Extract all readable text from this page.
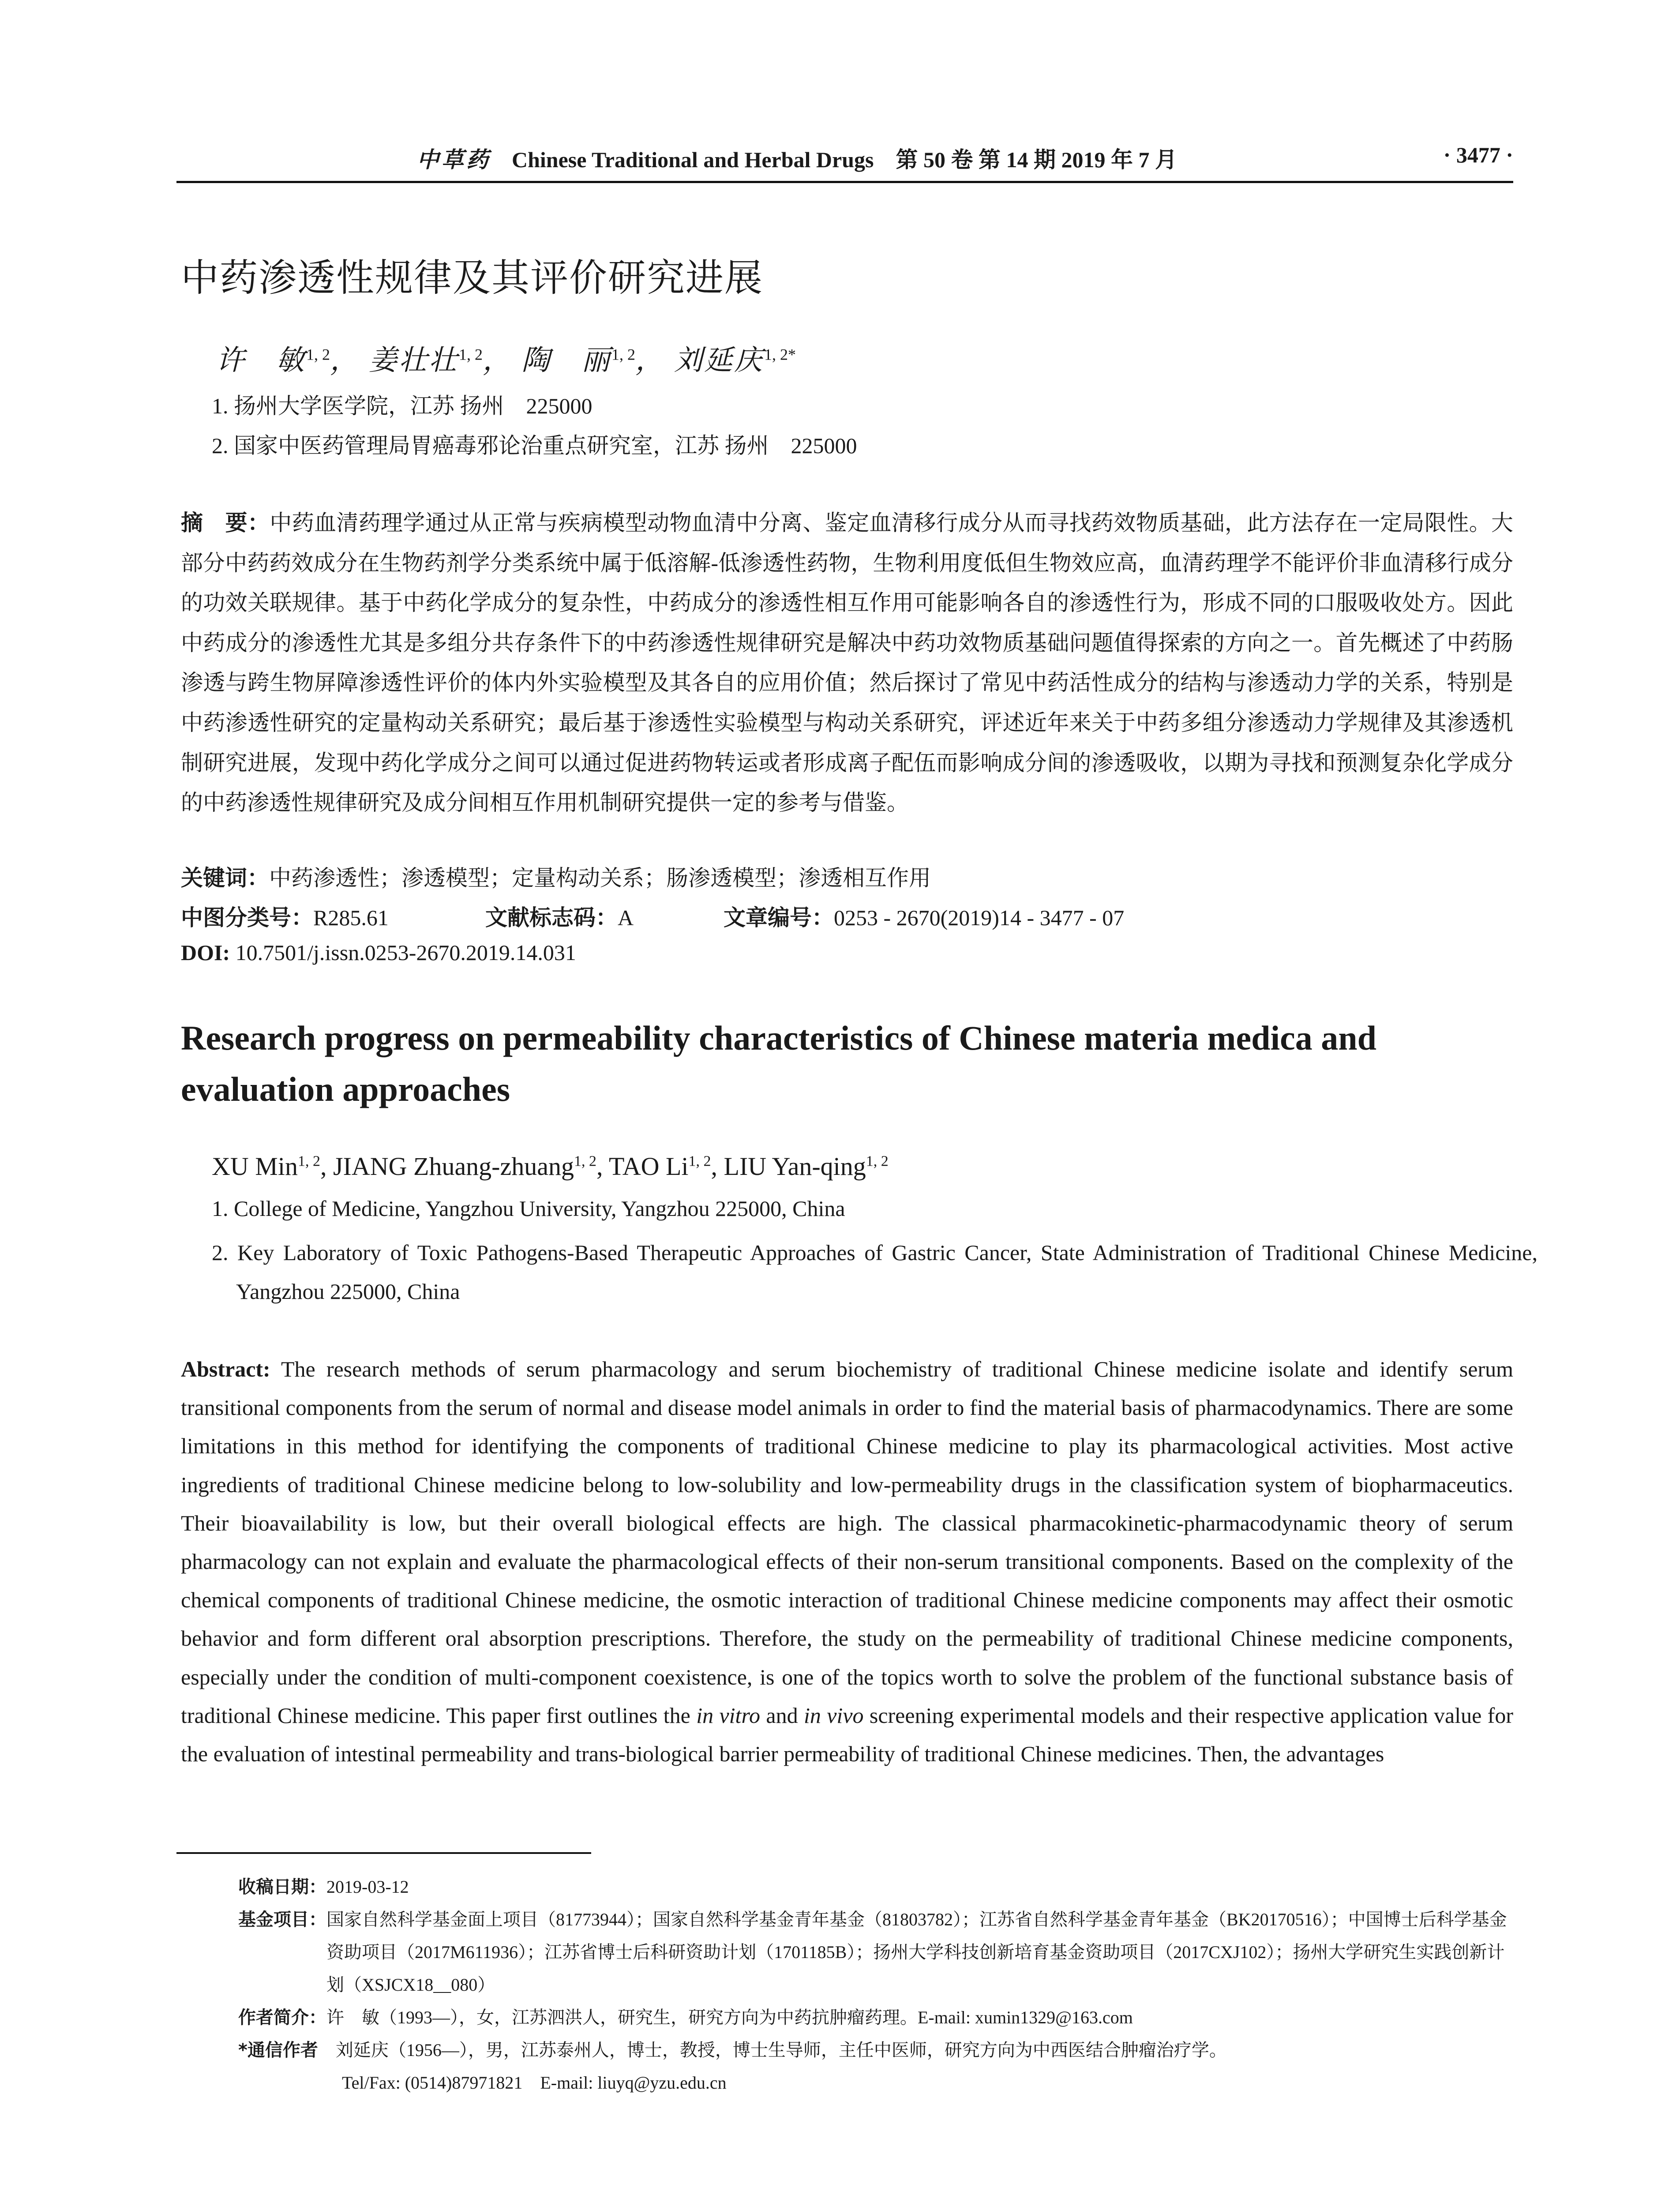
中草药 Chinese Traditional and Herbal Drugs　第 50 卷 第 14 期 2019 年 7 月	· 3477 ·
中药渗透性规律及其评价研究进展
许　敏$^{1, 2}$， 姜壮壮$^{1, 2}$， 陶　丽$^{1, 2}$， 刘延庆$^{1, 2*}$
1. 扬州大学医学院，江苏 扬州　225000
2. 国家中医药管理局胃癌毒邪论治重点研究室，江苏 扬州　225000
摘　要：中药血清药理学通过从正常与疾病模型动物血清中分离、鉴定血清移行成分从而寻找药效物质基础，此方法存在一定局限性。大部分中药药效成分在生物药剂学分类系统中属于低溶解-低渗透性药物，生物利用度低但生物效应高，血清药理学不能评价非血清移行成分的功效关联规律。基于中药化学成分的复杂性，中药成分的渗透性相互作用可能影响各自的渗透性行为，形成不同的口服吸收处方。因此中药成分的渗透性尤其是多组分共存条件下的中药渗透性规律研究是解决中药功效物质基础问题值得探索的方向之一。首先概述了中药肠渗透与跨生物屏障渗透性评价的体内外实验模型及其各自的应用价值；然后探讨了常见中药活性成分的结构与渗透动力学的关系，特别是中药渗透性研究的定量构动关系研究；最后基于渗透性实验模型与构动关系研究，评述近年来关于中药多组分渗透动力学规律及其渗透机制研究进展，发现中药化学成分之间可以通过促进药物转运或者形成离子配伍而影响成分间的渗透吸收，以期为寻找和预测复杂化学成分的中药渗透性规律研究及成分间相互作用机制研究提供一定的参考与借鉴。
关键词：中药渗透性；渗透模型；定量构动关系；肠渗透模型；渗透相互作用
中图分类号：R285.61	文献标志码：A	文章编号：0253 - 2670(2019)14 - 3477 - 07
DOI: 10.7501/j.issn.0253-2670.2019.14.031
Research progress on permeability characteristics of Chinese materia medica and evaluation approaches
XU Min$^{1, 2}$, JIANG Zhuang-zhuang$^{1, 2}$, TAO Li$^{1, 2}$, LIU Yan-qing$^{1, 2}$
1. College of Medicine, Yangzhou University, Yangzhou 225000, China
2. Key Laboratory of Toxic Pathogens-Based Therapeutic Approaches of Gastric Cancer, State Administration of Traditional Chinese Medicine, Yangzhou 225000, China
Abstract: The research methods of serum pharmacology and serum biochemistry of traditional Chinese medicine isolate and identify serum transitional components from the serum of normal and disease model animals in order to find the material basis of pharmacodynamics. There are some limitations in this method for identifying the components of traditional Chinese medicine to play its pharmacological activities. Most active ingredients of traditional Chinese medicine belong to low-solubility and low-permeability drugs in the classification system of biopharmaceutics. Their bioavailability is low, but their overall biological effects are high. The classical pharmacokinetic-pharmacodynamic theory of serum pharmacology can not explain and evaluate the pharmacological effects of their non-serum transitional components. Based on the complexity of the chemical components of traditional Chinese medicine, the osmotic interaction of traditional Chinese medicine components may affect their osmotic behavior and form different oral absorption prescriptions. Therefore, the study on the permeability of traditional Chinese medicine components, especially under the condition of multi-component coexistence, is one of the topics worth to solve the problem of the functional substance basis of traditional Chinese medicine. This paper first outlines the in vitro and in vivo screening experimental models and their respective application value for the evaluation of intestinal permeability and trans-biological barrier permeability of traditional Chinese medicines. Then, the advantages
收稿日期： 2019-03-12
基金项目： 国家自然科学基金面上项目（81773944）；国家自然科学基金青年基金（81803782）；江苏省自然科学基金青年基金（BK20170516）；中国博士后科学基金资助项目（2017M611936）；江苏省博士后科研资助计划（1701185B）；扬州大学科技创新培育基金资助项目（2017CXJ102）；扬州大学研究生实践创新计划（XSJCX18__080）
作者简介： 许　敏（1993—），女，江苏泗洪人，研究生，研究方向为中药抗肿瘤药理。E-mail: xumin1329@163.com
*通信作者 　刘延庆（1956—），男，江苏泰州人，博士，教授，博士生导师，主任中医师，研究方向为中西医结合肿瘤治疗学。
Tel/Fax: (0514)87971821　E-mail: liuyq@yzu.edu.cn
